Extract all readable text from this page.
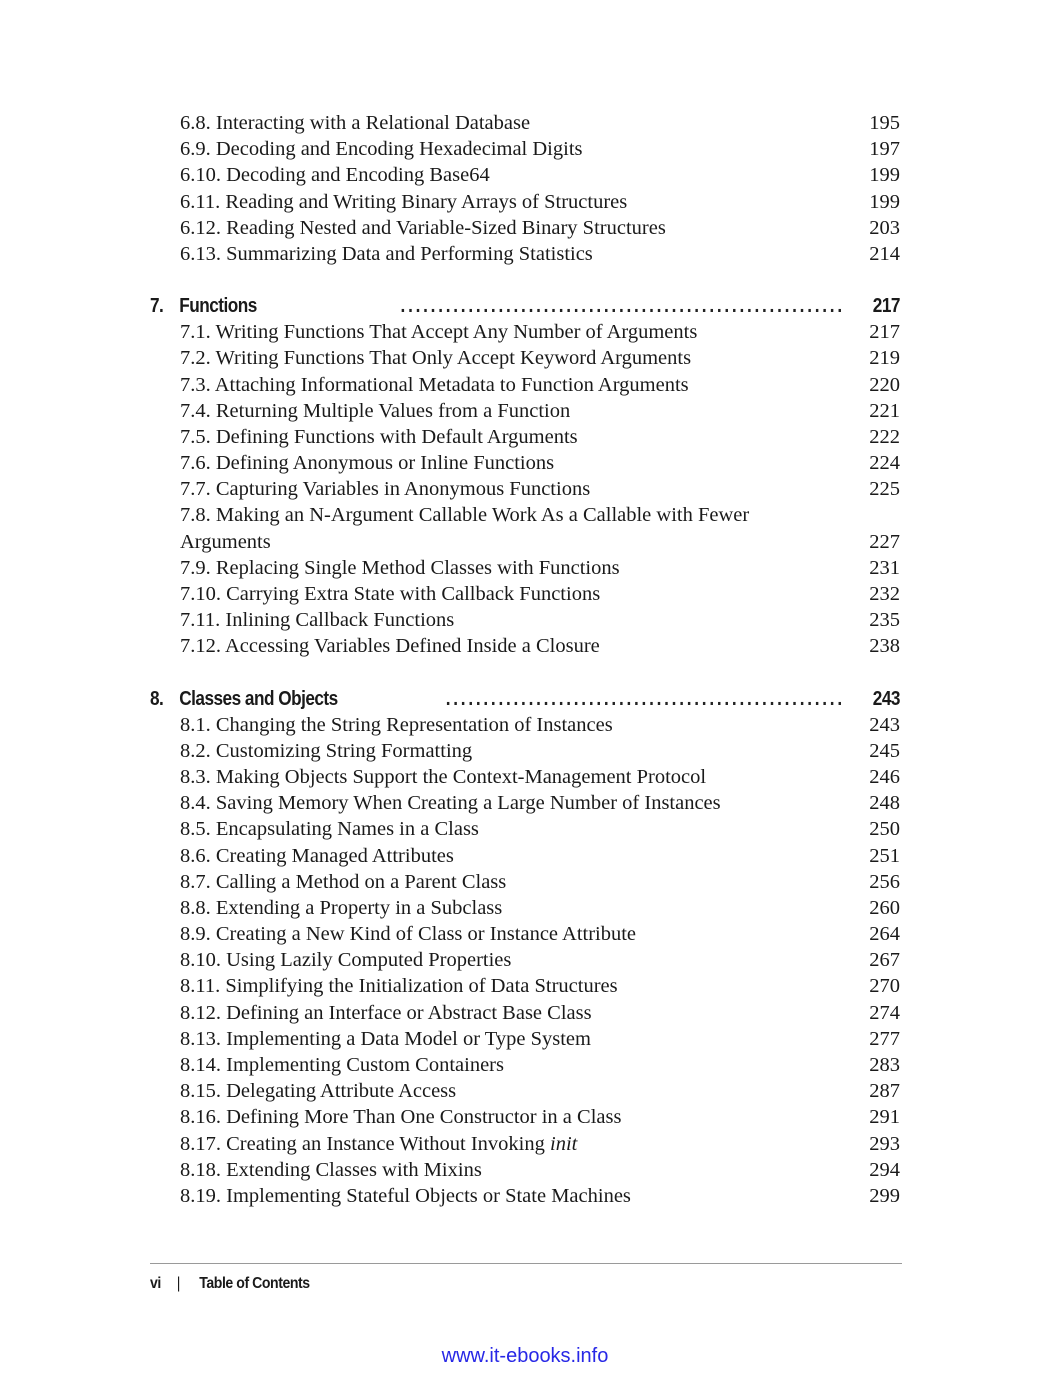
6.8. Interacting with a Relational Database	195
6.9. Decoding and Encoding Hexadecimal Digits	197
6.10. Decoding and Encoding Base64	199
6.11. Reading and Writing Binary Arrays of Structures	199
6.12. Reading Nested and Variable-Sized Binary Structures	203
6.13. Summarizing Data and Performing Statistics	214
7. Functions	........................................................... 217
7.1. Writing Functions That Accept Any Number of Arguments	217
7.2. Writing Functions That Only Accept Keyword Arguments	219
7.3. Attaching Informational Metadata to Function Arguments	220
7.4. Returning Multiple Values from a Function	221
7.5. Defining Functions with Default Arguments	222
7.6. Defining Anonymous or Inline Functions	224
7.7. Capturing Variables in Anonymous Functions	225
7.8. Making an N-Argument Callable Work As a Callable with Fewer Arguments	227
7.9. Replacing Single Method Classes with Functions	231
7.10. Carrying Extra State with Callback Functions	232
7.11. Inlining Callback Functions	235
7.12. Accessing Variables Defined Inside a Closure	238
8. Classes and Objects	..................................................... 243
8.1. Changing the String Representation of Instances	243
8.2. Customizing String Formatting	245
8.3. Making Objects Support the Context-Management Protocol	246
8.4. Saving Memory When Creating a Large Number of Instances	248
8.5. Encapsulating Names in a Class	250
8.6. Creating Managed Attributes	251
8.7. Calling a Method on a Parent Class	256
8.8. Extending a Property in a Subclass	260
8.9. Creating a New Kind of Class or Instance Attribute	264
8.10. Using Lazily Computed Properties	267
8.11. Simplifying the Initialization of Data Structures	270
8.12. Defining an Interface or Abstract Base Class	274
8.13. Implementing a Data Model or Type System	277
8.14. Implementing Custom Containers	283
8.15. Delegating Attribute Access	287
8.16. Defining More Than One Constructor in a Class	291
8.17. Creating an Instance Without Invoking init	293
8.18. Extending Classes with Mixins	294
8.19. Implementing Stateful Objects or State Machines	299
vi | Table of Contents
www.it-ebooks.info
